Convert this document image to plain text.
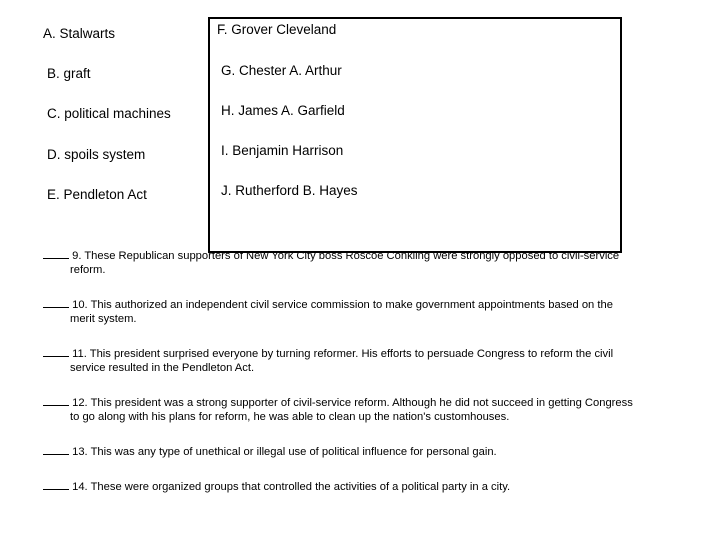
A. Stalwarts
B. graft
C. political machines
D. spoils system
E. Pendleton Act
F. Grover Cleveland
G. Chester A. Arthur
H. James A. Garfield
I. Benjamin Harrison
J. Rutherford B. Hayes
9. These Republican supporters of New York City boss Roscoe Conkling were strongly opposed to civil-service
reform.
10. This authorized an independent civil service commission to make government appointments based on the
merit system.
11. This president surprised everyone by turning reformer. His efforts to persuade Congress to reform the civil
service resulted in the Pendleton Act.
12. This president was a strong supporter of civil-service reform. Although he did not succeed in getting Congress
to go along with his plans for reform, he was able to clean up the nation's customhouses.
13. This was any type of unethical or illegal use of political influence for personal gain.
14. These were organized groups that controlled the activities of a political party in a city.
